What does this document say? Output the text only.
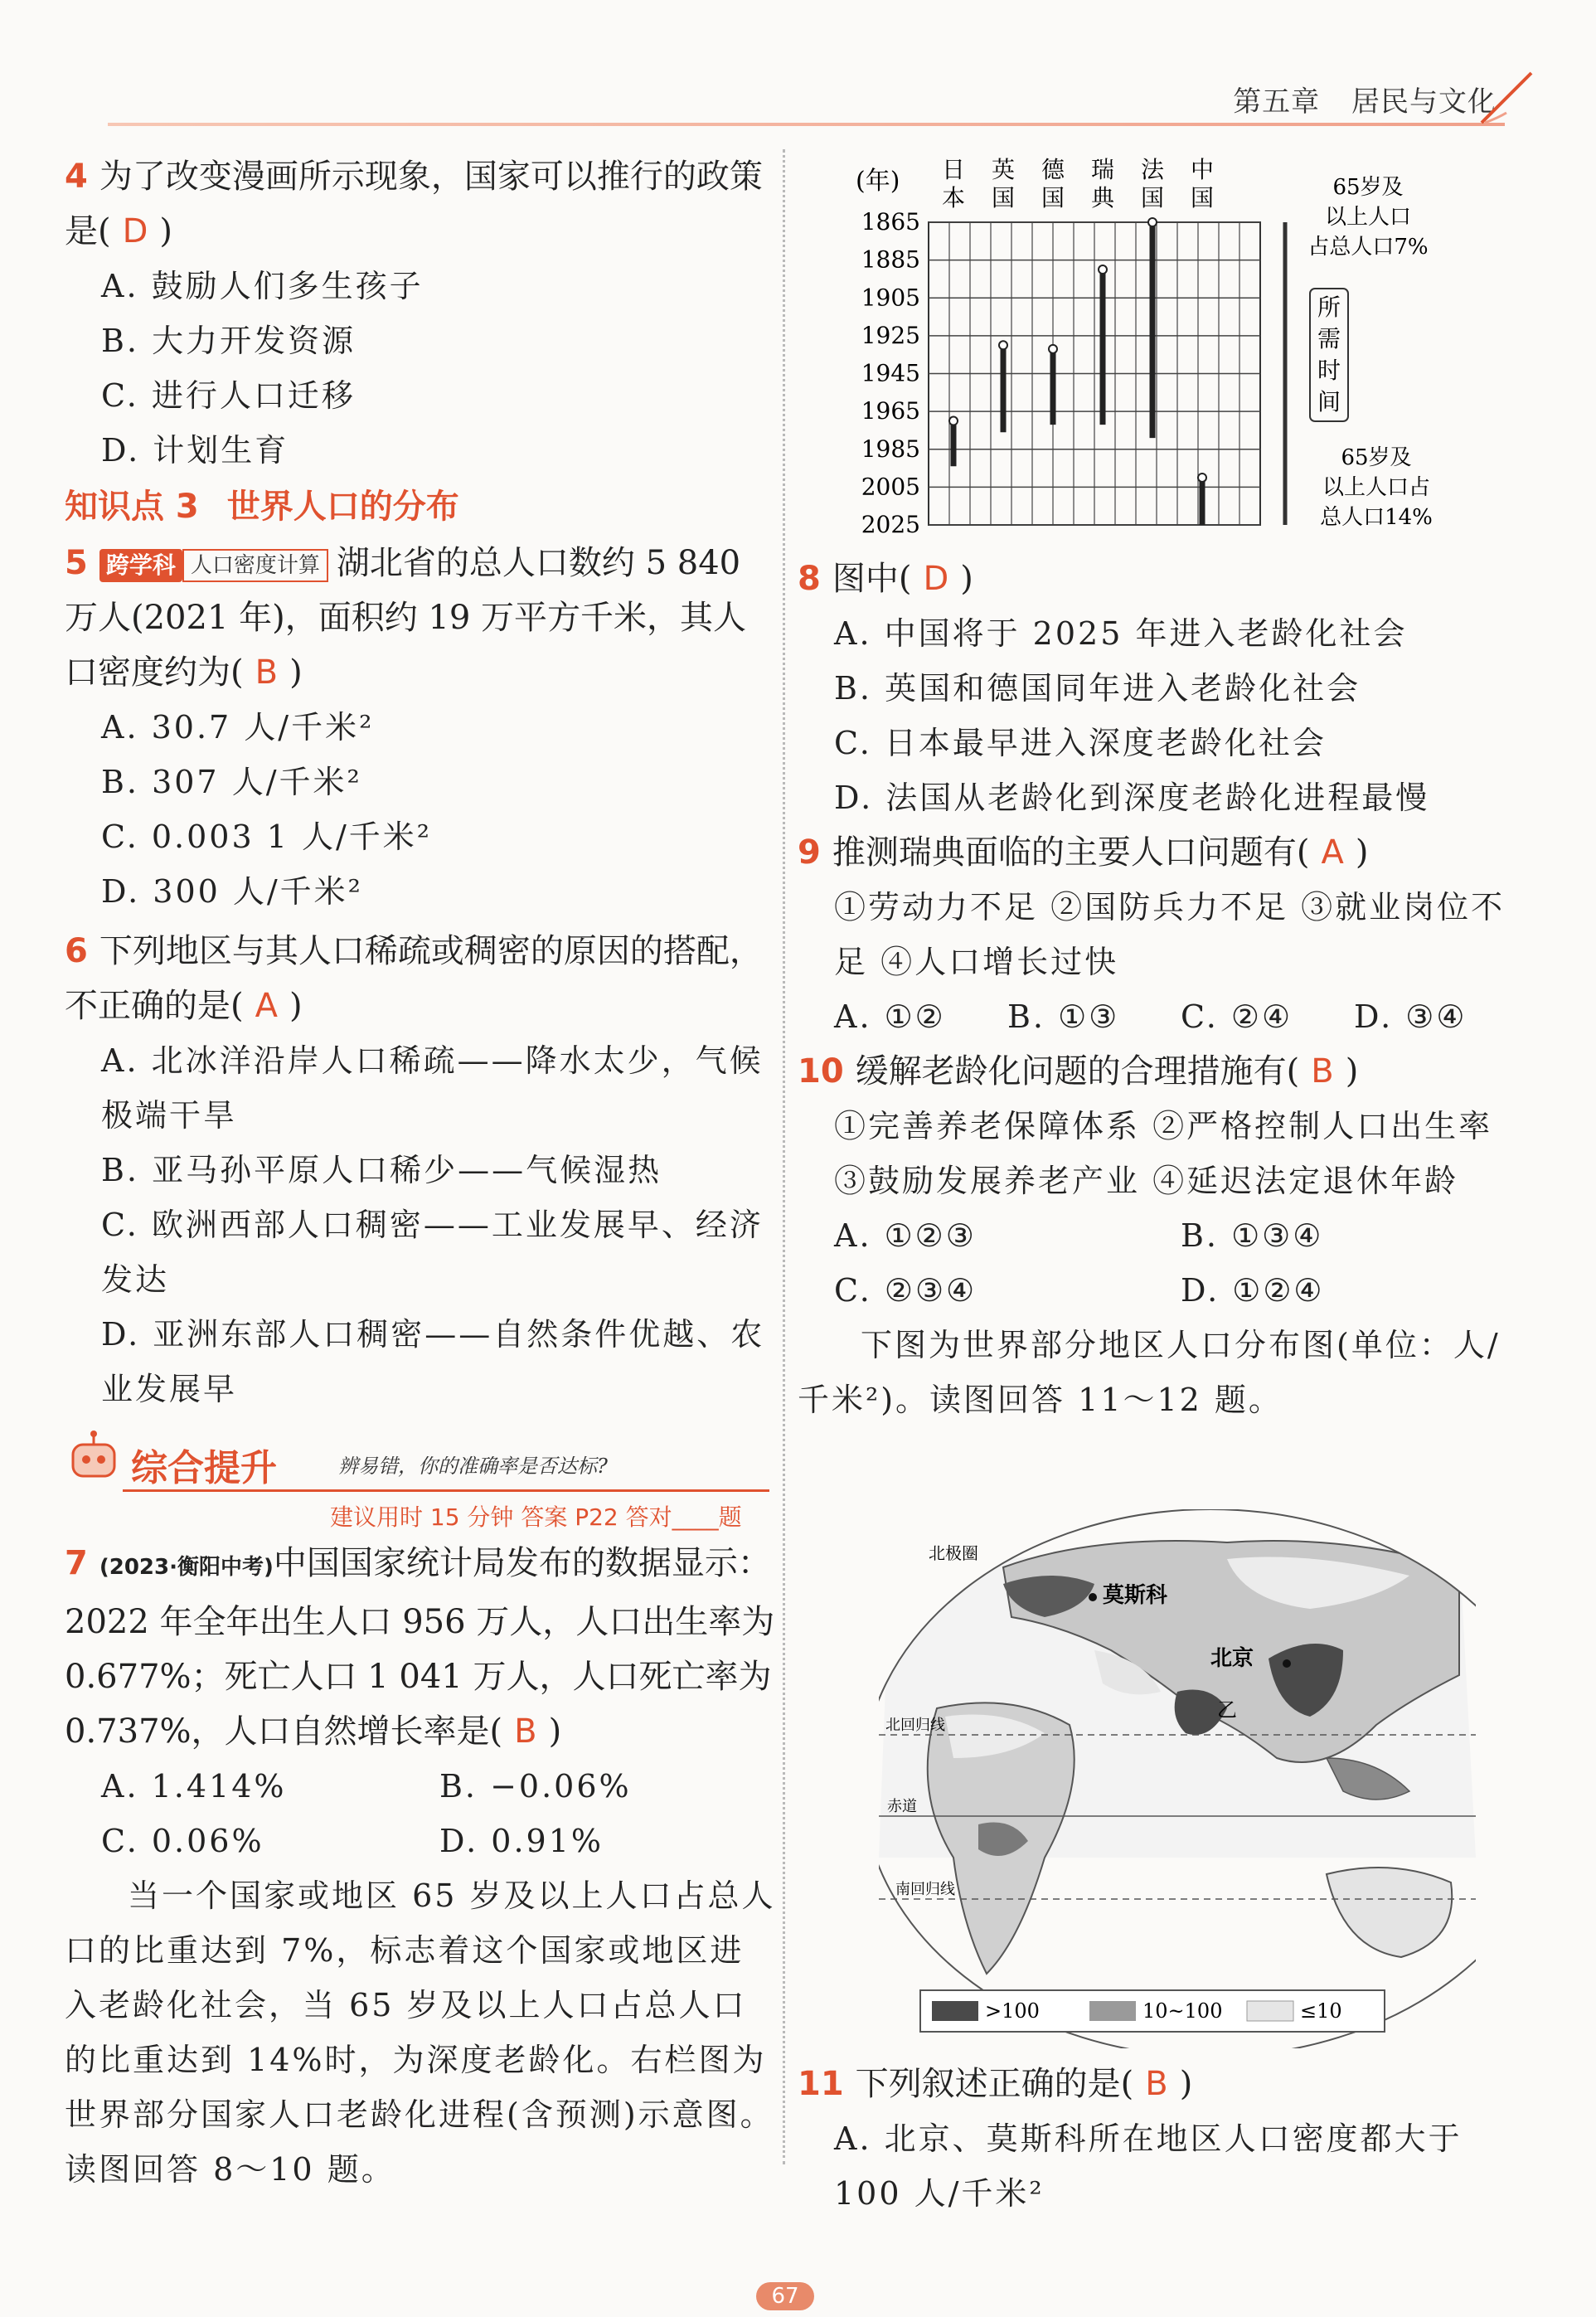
第五章 居民与文化
4 为了改变漫画所示现象，国家可以推行的政策是( D )
A. 鼓励人们多生孩子
B. 大力开发资源
C. 进行人口迁移
D. 计划生育
知识点 3 世界人口的分布
5 跨学科 人口密度计算 湖北省的总人口数约 5 840 万人(2021 年)，面积约 19 万平方千米，其人口密度约为( B )
A. 30.7 人/千米²
B. 307 人/千米²
C. 0.003 1 人/千米²
D. 300 人/千米²
6 下列地区与其人口稀疏或稠密的原因的搭配，不正确的是( A )
A. 北冰洋沿岸人口稀疏——降水太少，气候极端干旱
B. 亚马孙平原人口稀少——气候湿热
C. 欧洲西部人口稠密——工业发展早、经济发达
D. 亚洲东部人口稠密——自然条件优越、农业发展早
综合提升	辨易错，你的准确率是否达标?
建议用时 15 分钟 答案 P22 答对____题
7 (2023·衡阳中考)中国国家统计局发布的数据显示：2022 年全年出生人口 956 万人，人口出生率为 0.677%；死亡人口 1 041 万人，人口死亡率为 0.737%，人口自然增长率是( B )
A. 1.414%	B. −0.06%
C. 0.06%	D. 0.91%
当一个国家或地区 65 岁及以上人口占总人口的比重达到 7%，标志着这个国家或地区进入老龄化社会，当 65 岁及以上人口占总人口的比重达到 14%时，为深度老龄化。右栏图为世界部分国家人口老龄化进程(含预测)示意图。读图回答 8～10 题。
(年)
1865
1885
1905
1925
1945
1965
1985
2005
2025
日
本
英
国
德
国
瑞
典
法
国
中
国	65岁及
以上人口
占总人口7%
所
需
时
间
65岁及
以上人口占
总人口14%
8 图中( D )
A. 中国将于 2025 年进入老龄化社会
B. 英国和德国同年进入老龄化社会
C. 日本最早进入深度老龄化社会
D. 法国从老龄化到深度老龄化进程最慢
9 推测瑞典面临的主要人口问题有( A )
①劳动力不足 ②国防兵力不足 ③就业岗位不足 ④人口增长过快
A. ①②	B. ①③	C. ②④	D. ③④
10 缓解老龄化问题的合理措施有( B )
①完善养老保障体系 ②严格控制人口出生率 ③鼓励发展养老产业 ④延迟法定退休年龄
A. ①②③	B. ①③④
C. ②③④	D. ①②④
下图为世界部分地区人口分布图(单位：人/千米²)。读图回答 11～12 题。
北极圈
莫斯科
北京
乙
北回归线
赤道
南回归线
>100	10~100	≤10
11 下列叙述正确的是( B )
A. 北京、莫斯科所在地区人口密度都大于 100 人/千米²
67
